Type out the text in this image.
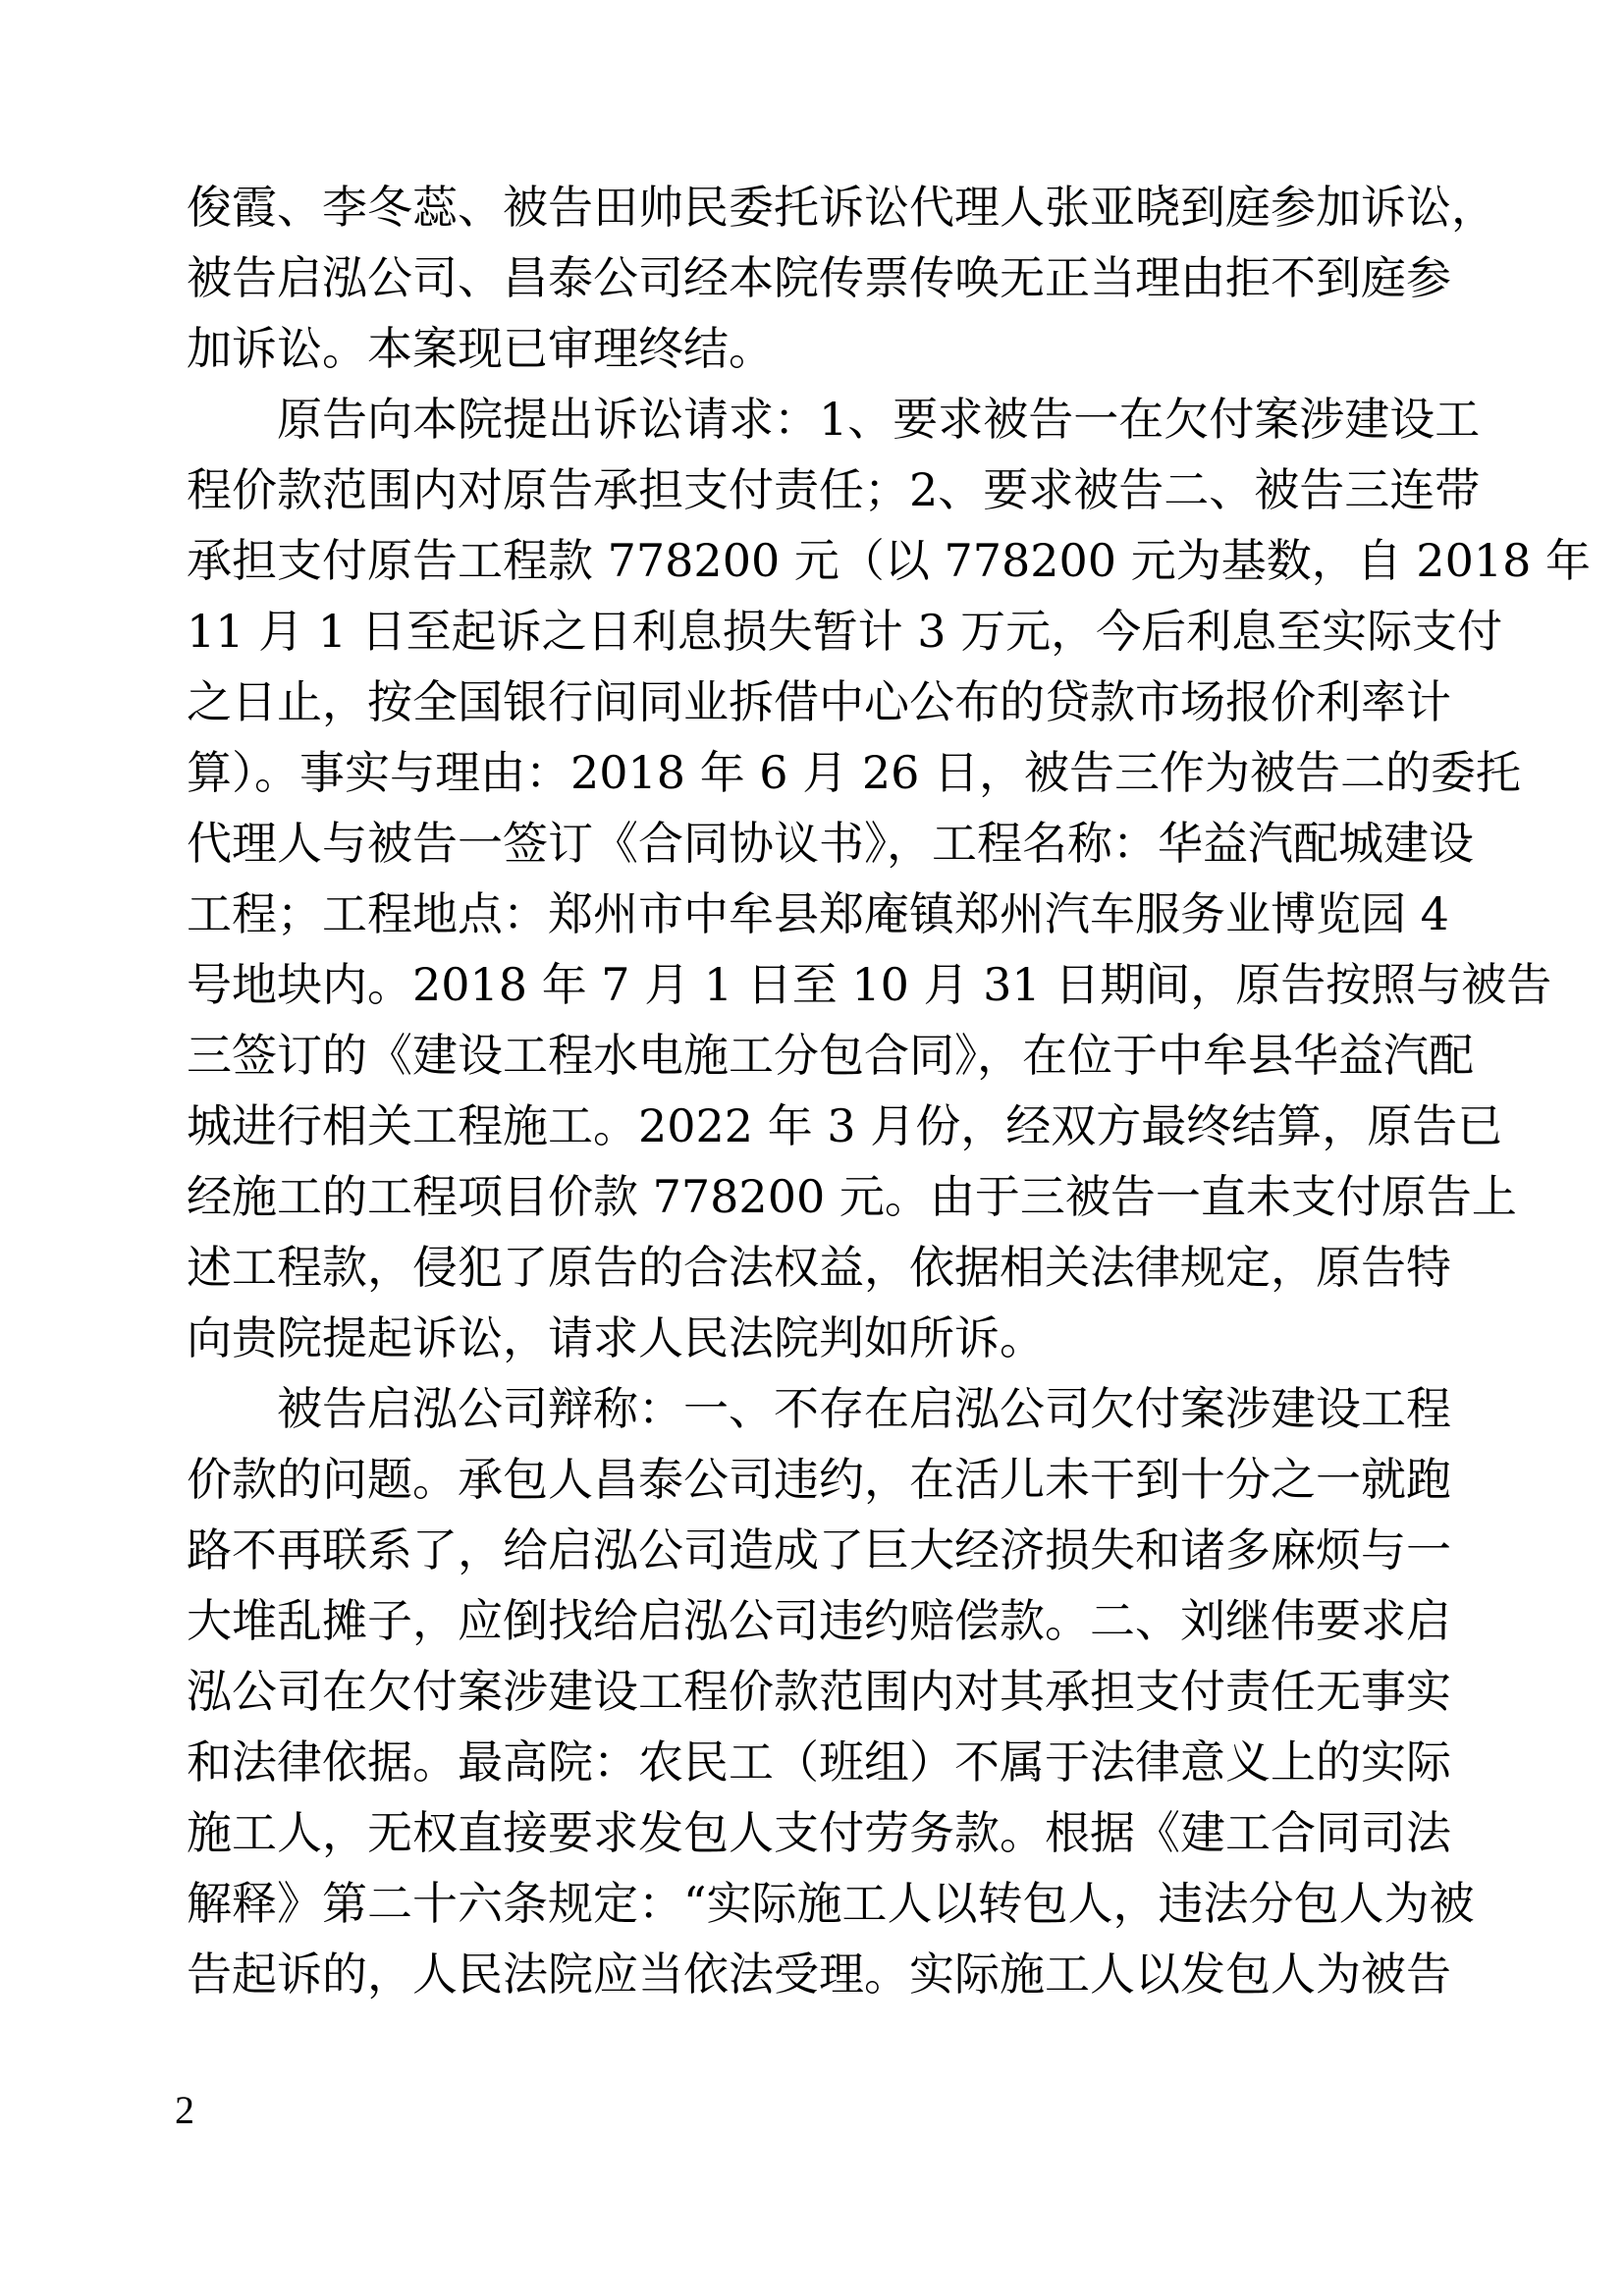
俊霞、李冬蕊、被告田帅民委托诉讼代理人张亚晓到庭参加诉讼，
被告启泓公司、昌泰公司经本院传票传唤无正当理由拒不到庭参
加诉讼。本案现已审理终结。
　　原告向本院提出诉讼请求：1、要求被告一在欠付案涉建设工
程价款范围内对原告承担支付责任；2、要求被告二、被告三连带
承担支付原告工程款 778200 元（以 778200 元为基数，自 2018 年
11 月 1 日至起诉之日利息损失暂计 3 万元，今后利息至实际支付
之日止，按全国银行间同业拆借中心公布的贷款市场报价利率计
算）。事实与理由：2018 年 6 月 26 日，被告三作为被告二的委托
代理人与被告一签订《合同协议书》，工程名称：华益汽配城建设
工程；工程地点：郑州市中牟县郑庵镇郑州汽车服务业博览园 4
号地块内。2018 年 7 月 1 日至 10 月 31 日期间，原告按照与被告
三签订的《建设工程水电施工分包合同》，在位于中牟县华益汽配
城进行相关工程施工。2022 年 3 月份，经双方最终结算，原告已
经施工的工程项目价款 778200 元。由于三被告一直未支付原告上
述工程款，侵犯了原告的合法权益，依据相关法律规定，原告特
向贵院提起诉讼，请求人民法院判如所诉。
　　被告启泓公司辩称：一、不存在启泓公司欠付案涉建设工程
价款的问题。承包人昌泰公司违约，在活儿未干到十分之一就跑
路不再联系了，给启泓公司造成了巨大经济损失和诸多麻烦与一
大堆乱摊子，应倒找给启泓公司违约赔偿款。二、刘继伟要求启
泓公司在欠付案涉建设工程价款范围内对其承担支付责任无事实
和法律依据。最高院：农民工（班组）不属于法律意义上的实际
施工人，无权直接要求发包人支付劳务款。根据《建工合同司法
解释》第二十六条规定：“实际施工人以转包人，违法分包人为被
告起诉的，人民法院应当依法受理。实际施工人以发包人为被告
2
